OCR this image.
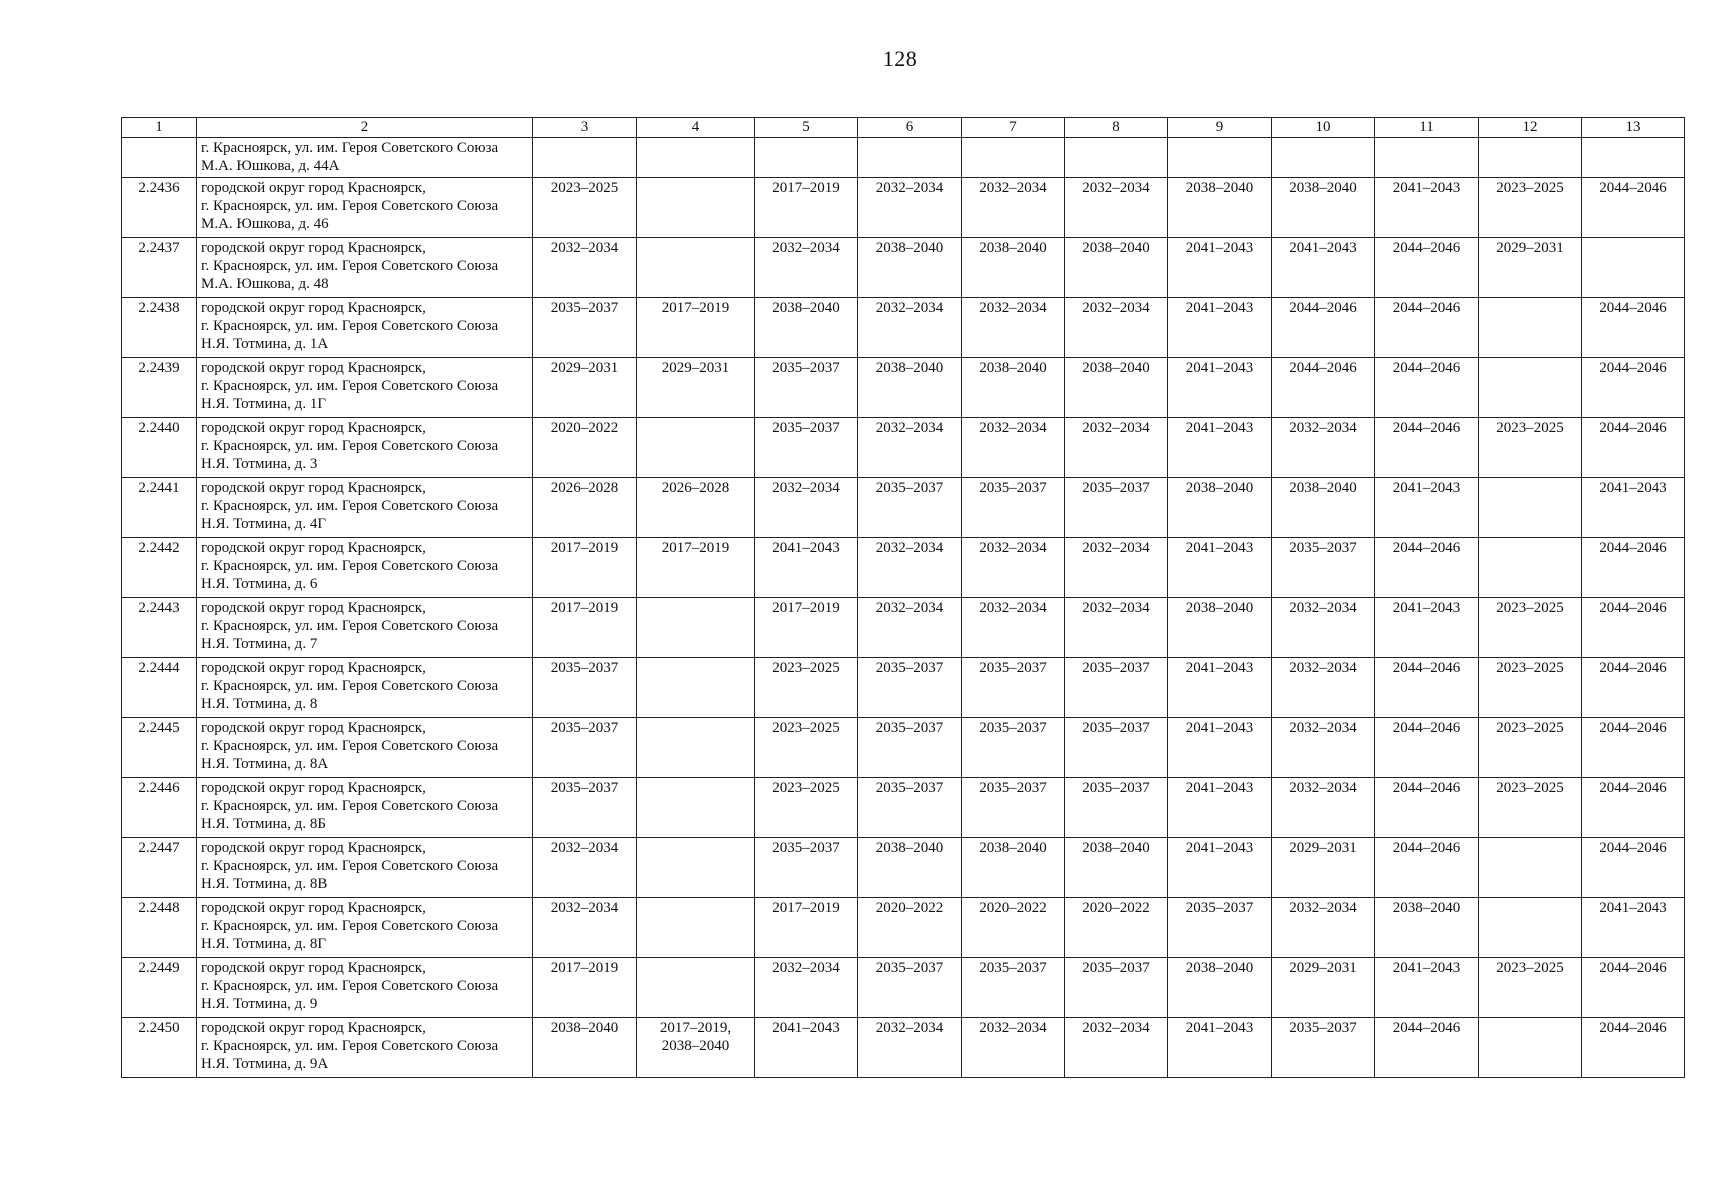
128
1	2	3	4	5	6	7	8	9	10	11	12	13

	г. Красноярск, ул. им. Героя Советского Союза
М.А. Юшкова, д. 44А											

2.2436	городской округ город Красноярск,
г. Красноярск, ул. им. Героя Советского Союза
М.А. Юшкова, д. 46	2023–2025		2017–2019	2032–2034	2032–2034	2032–2034	2038–2040	2038–2040	2041–2043	2023–2025	2044–2046
2.2437	городской округ город Красноярск,
г. Красноярск, ул. им. Героя Советского Союза
М.А. Юшкова, д. 48	2032–2034		2032–2034	2038–2040	2038–2040	2038–2040	2041–2043	2041–2043	2044–2046	2029–2031	
2.2438	городской округ город Красноярск,
г. Красноярск, ул. им. Героя Советского Союза
Н.Я. Тотмина, д. 1А	2035–2037	2017–2019	2038–2040	2032–2034	2032–2034	2032–2034	2041–2043	2044–2046	2044–2046		2044–2046
2.2439	городской округ город Красноярск,
г. Красноярск, ул. им. Героя Советского Союза
Н.Я. Тотмина, д. 1Г	2029–2031	2029–2031	2035–2037	2038–2040	2038–2040	2038–2040	2041–2043	2044–2046	2044–2046		2044–2046
2.2440	городской округ город Красноярск,
г. Красноярск, ул. им. Героя Советского Союза
Н.Я. Тотмина, д. 3	2020–2022		2035–2037	2032–2034	2032–2034	2032–2034	2041–2043	2032–2034	2044–2046	2023–2025	2044–2046
2.2441	городской округ город Красноярск,
г. Красноярск, ул. им. Героя Советского Союза
Н.Я. Тотмина, д. 4Г	2026–2028	2026–2028	2032–2034	2035–2037	2035–2037	2035–2037	2038–2040	2038–2040	2041–2043		2041–2043
2.2442	городской округ город Красноярск,
г. Красноярск, ул. им. Героя Советского Союза
Н.Я. Тотмина, д. 6	2017–2019	2017–2019	2041–2043	2032–2034	2032–2034	2032–2034	2041–2043	2035–2037	2044–2046		2044–2046
2.2443	городской округ город Красноярск,
г. Красноярск, ул. им. Героя Советского Союза
Н.Я. Тотмина, д. 7	2017–2019		2017–2019	2032–2034	2032–2034	2032–2034	2038–2040	2032–2034	2041–2043	2023–2025	2044–2046
2.2444	городской округ город Красноярск,
г. Красноярск, ул. им. Героя Советского Союза
Н.Я. Тотмина, д. 8	2035–2037		2023–2025	2035–2037	2035–2037	2035–2037	2041–2043	2032–2034	2044–2046	2023–2025	2044–2046
2.2445	городской округ город Красноярск,
г. Красноярск, ул. им. Героя Советского Союза
Н.Я. Тотмина, д. 8А	2035–2037		2023–2025	2035–2037	2035–2037	2035–2037	2041–2043	2032–2034	2044–2046	2023–2025	2044–2046
2.2446	городской округ город Красноярск,
г. Красноярск, ул. им. Героя Советского Союза
Н.Я. Тотмина, д. 8Б	2035–2037		2023–2025	2035–2037	2035–2037	2035–2037	2041–2043	2032–2034	2044–2046	2023–2025	2044–2046
2.2447	городской округ город Красноярск,
г. Красноярск, ул. им. Героя Советского Союза
Н.Я. Тотмина, д. 8В	2032–2034		2035–2037	2038–2040	2038–2040	2038–2040	2041–2043	2029–2031	2044–2046		2044–2046
2.2448	городской округ город Красноярск,
г. Красноярск, ул. им. Героя Советского Союза
Н.Я. Тотмина, д. 8Г	2032–2034		2017–2019	2020–2022	2020–2022	2020–2022	2035–2037	2032–2034	2038–2040		2041–2043
2.2449	городской округ город Красноярск,
г. Красноярск, ул. им. Героя Советского Союза
Н.Я. Тотмина, д. 9	2017–2019		2032–2034	2035–2037	2035–2037	2035–2037	2038–2040	2029–2031	2041–2043	2023–2025	2044–2046
2.2450	городской округ город Красноярск,
г. Красноярск, ул. им. Героя Советского Союза
Н.Я. Тотмина, д. 9А	2038–2040	2017–2019,
2038–2040	2041–2043	2032–2034	2032–2034	2032–2034	2041–2043	2035–2037	2044–2046		2044–2046
